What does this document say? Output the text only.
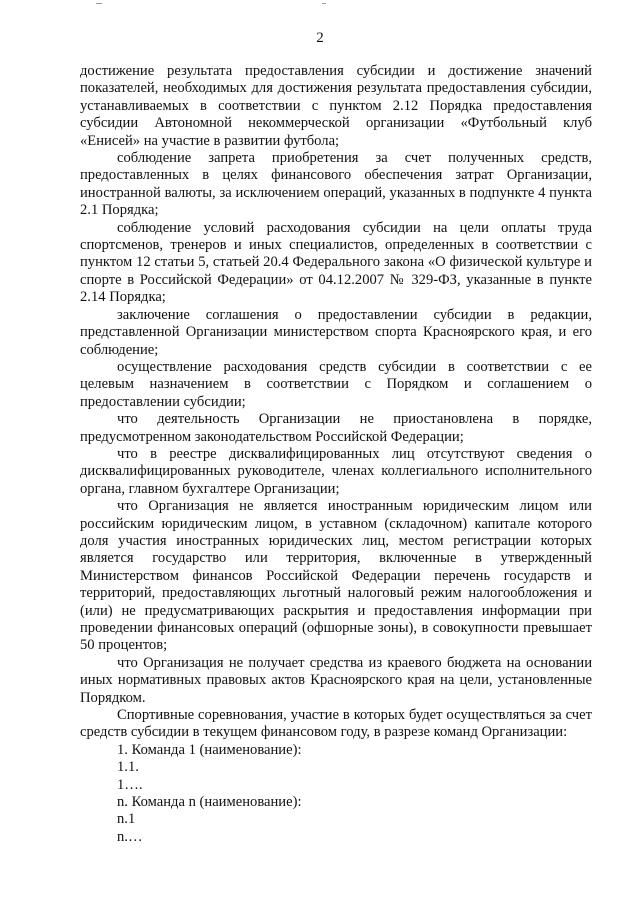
2

достижение результата предоставления субсидии и достижение значений показателей, необходимых для достижения результата предоставления субсидии, устанавливаемых в соответствии с пунктом 2.12 Порядка предоставления субсидии Автономной некоммерческой организации «Футбольный клуб «Енисей» на участие в развитии футбола;

соблюдение запрета приобретения за счет полученных средств, предоставленных в целях финансового обеспечения затрат Организации, иностранной валюты, за исключением операций, указанных в подпункте 4 пункта 2.1 Порядка;

соблюдение условий расходования субсидии на цели оплаты труда спортсменов, тренеров и иных специалистов, определенных в соответствии с пунктом 12 статьи 5, статьей 20.4 Федерального закона «О физической культуре и спорте в Российской Федерации» от 04.12.2007 № 329-ФЗ, указанные в пункте 2.14 Порядка;

заключение соглашения о предоставлении субсидии в редакции, представленной Организации министерством спорта Красноярского края, и его соблюдение;

осуществление расходования средств субсидии в соответствии с ее целевым назначением в соответствии с Порядком и соглашением о предоставлении субсидии;

что деятельность Организации не приостановлена в порядке, предусмотренном законодательством Российской Федерации;

что в реестре дисквалифицированных лиц отсутствуют сведения о дисквалифицированных руководителе, членах коллегиального исполнительного органа, главном бухгалтере Организации;

что Организация не является иностранным юридическим лицом или российским юридическим лицом, в уставном (складочном) капитале которого доля участия иностранных юридических лиц, местом регистрации которых является государство или территория, включенные в утвержденный Министерством финансов Российской Федерации перечень государств и территорий, предоставляющих льготный налоговый режим налогообложения и (или) не предусматривающих раскрытия и предоставления информации при проведении финансовых операций (офшорные зоны), в совокупности превышает 50 процентов;

что Организация не получает средства из краевого бюджета на основании иных нормативных правовых актов Красноярского края на цели, установленные Порядком.

Спортивные соревнования, участие в которых будет осуществляться за счет средств субсидии в текущем финансовом году, в разрезе команд Организации:

1. Команда 1 (наименование):

1.1.

1….

n. Команда n (наименование):

n.1

n.…
